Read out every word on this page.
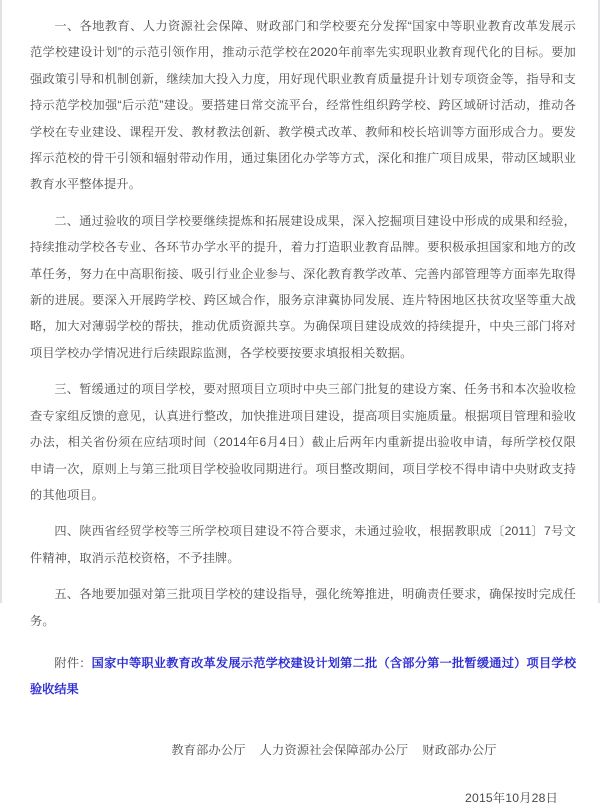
一、各地教育、人力资源社会保障、财政部门和学校要充分发挥“国家中等职业教育改革发展示范学校建设计划”的示范引领作用，推动示范学校在2020年前率先实现职业教育现代化的目标。要加强政策引导和机制创新，继续加大投入力度，用好现代职业教育质量提升计划专项资金等，指导和支持示范学校加强“后示范”建设。要搭建日常交流平台，经常性组织跨学校、跨区域研讨活动，推动各学校在专业建设、课程开发、教材教法创新、教学模式改革、教师和校长培训等方面形成合力。要发挥示范校的骨干引领和辐射带动作用，通过集团化办学等方式，深化和推广项目成果，带动区域职业教育水平整体提升。

二、通过验收的项目学校要继续提炼和拓展建设成果，深入挖掘项目建设中形成的成果和经验，持续推动学校各专业、各环节办学水平的提升，着力打造职业教育品牌。要积极承担国家和地方的改革任务，努力在中高职衔接、吸引行业企业参与、深化教育教学改革、完善内部管理等方面率先取得新的进展。要深入开展跨学校、跨区域合作，服务京津冀协同发展、连片特困地区扶贫攻坚等重大战略，加大对薄弱学校的帮扶，推动优质资源共享。为确保项目建设成效的持续提升，中央三部门将对项目学校办学情况进行后续跟踪监测，各学校要按要求填报相关数据。

三、暂缓通过的项目学校，要对照项目立项时中央三部门批复的建设方案、任务书和本次验收检查专家组反馈的意见，认真进行整改，加快推进项目建设，提高项目实施质量。根据项目管理和验收办法，相关省份须在应结项时间（2014年6月4日）截止后两年内重新提出验收申请，每所学校仅限申请一次，原则上与第三批项目学校验收同期进行。项目整改期间，项目学校不得申请中央财政支持的其他项目。

四、陕西省经贸学校等三所学校项目建设不符合要求，未通过验收，根据教职成〔2011〕7号文件精神，取消示范校资格，不予挂牌。

五、各地要加强对第三批项目学校的建设指导，强化统筹推进，明确责任要求，确保按时完成任务。

附件：国家中等职业教育改革发展示范学校建设计划第二批（含部分第一批暂缓通过）项目学校验收结果

教育部办公厅 人力资源社会保障部办公厅 财政部办公厅

2015年10月28日
